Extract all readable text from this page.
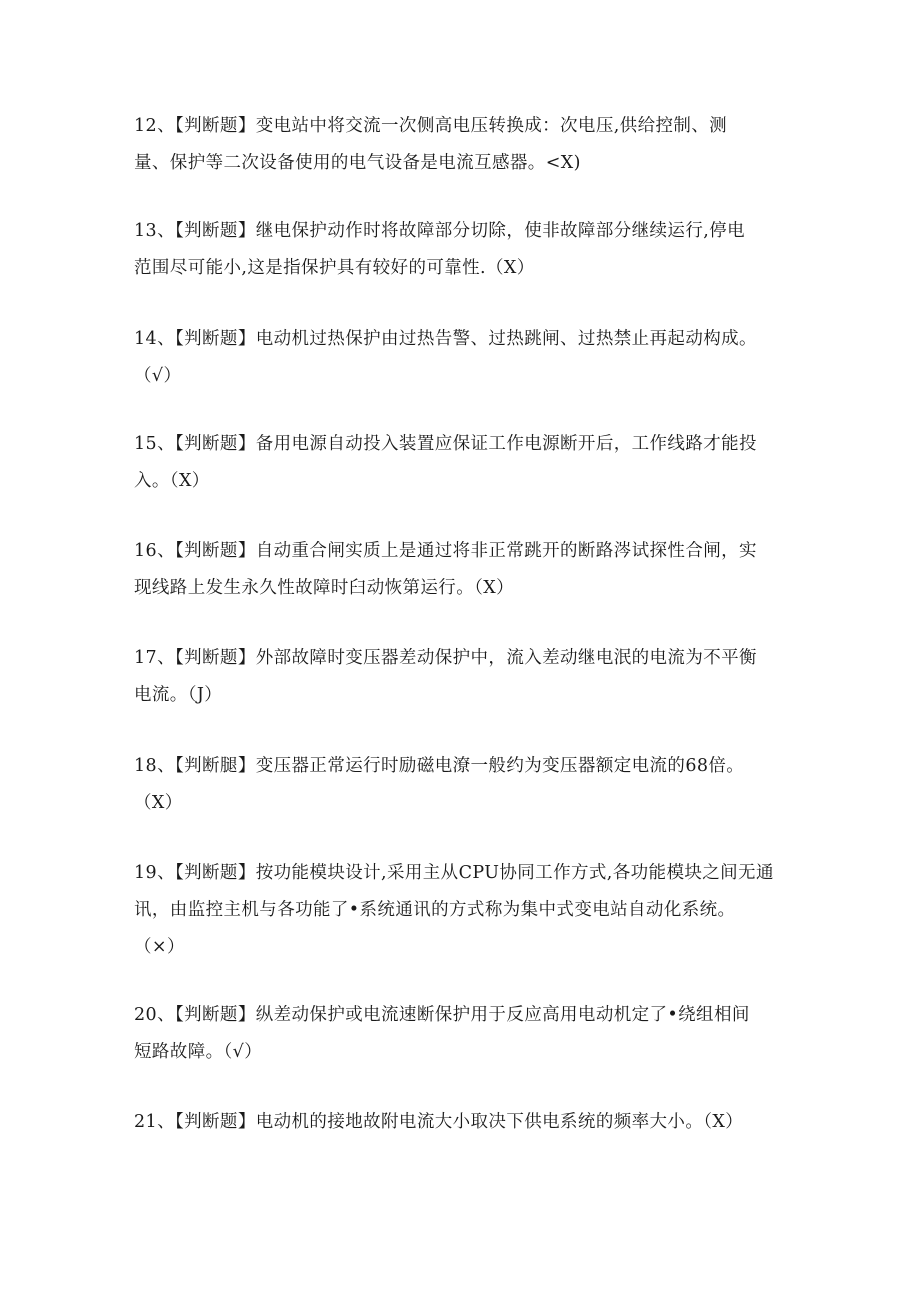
12、【判断题】变电站中将交流一次侧高电压转换成：次电压,供给控制、测
量、保护等二次设备使用的电气设备是电流互感器。<X)

13、【判断题】继电保护动作时将故障部分切除，使非故障部分继续运行,停电
范围尽可能小,这是指保护具有较好的可靠性.（X）

14、【判断题】电动机过热保护由过热告警、过热跳闸、过热禁止再起动构成。
（√）

15、【判断题】备用电源自动投入装置应保证工作电源断开后，工作线路才能投
入。（X）

16、【判断题】自动重合闸实质上是通过将非正常跳开的断路涔试探性合闸，实
现线路上发生永久性故障时臼动恢第运行。（X）

17、【判断题】外部故障时变压器差动保护中，流入差动继电泯的电流为不平衡
电流。（J）

18、【判断腿】变压器正常运行时励磁电潦一般约为变压器额定电流的68倍。
（X）

19、【判断题】按功能模块设计,采用主从CPU协同工作方式,各功能模块之间无通
讯，由监控主机与各功能了•系统通讯的方式称为集中式变电站自动化系统。
（×）

20、【判断题】纵差动保护或电流速断保护用于反应高用电动机定了•绕组相间
短路故障。（√）

21、【判断题】电动机的接地故附电流大小取决下供电系统的频率大小。（X）
